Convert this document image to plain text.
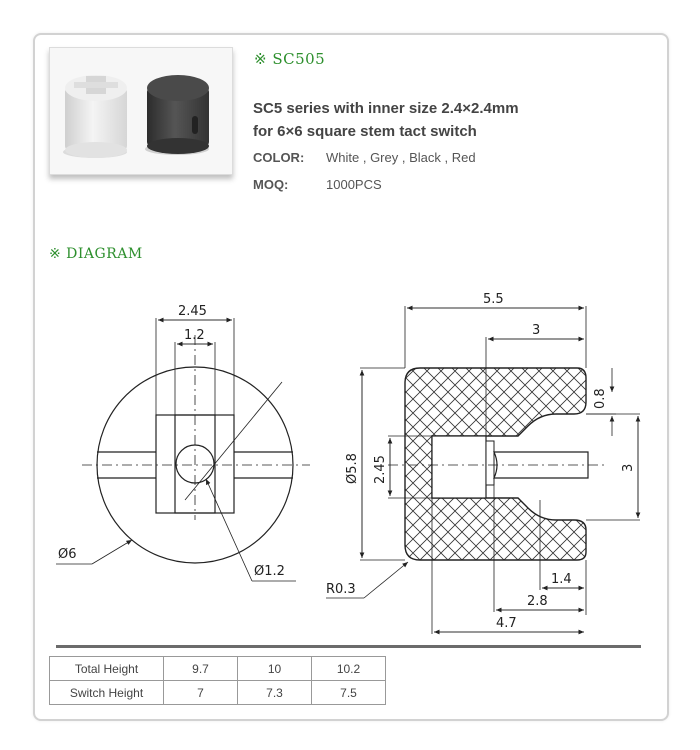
※ SC505
SC5 series with inner size 2.4×2.4mm
for 6×6 square stem tact switch
COLOR: White , Grey , Black , Red
MOQ:	1000PCS
※ DIAGRAM
2.45
1.2
Ø6
Ø1.2
5.5
3
0.8
3
Ø5.8 2.45
R0.3
1.4
2.8
4.7
Total Height	9.7	10	10.2
Switch Height	7	7.3	7.5
